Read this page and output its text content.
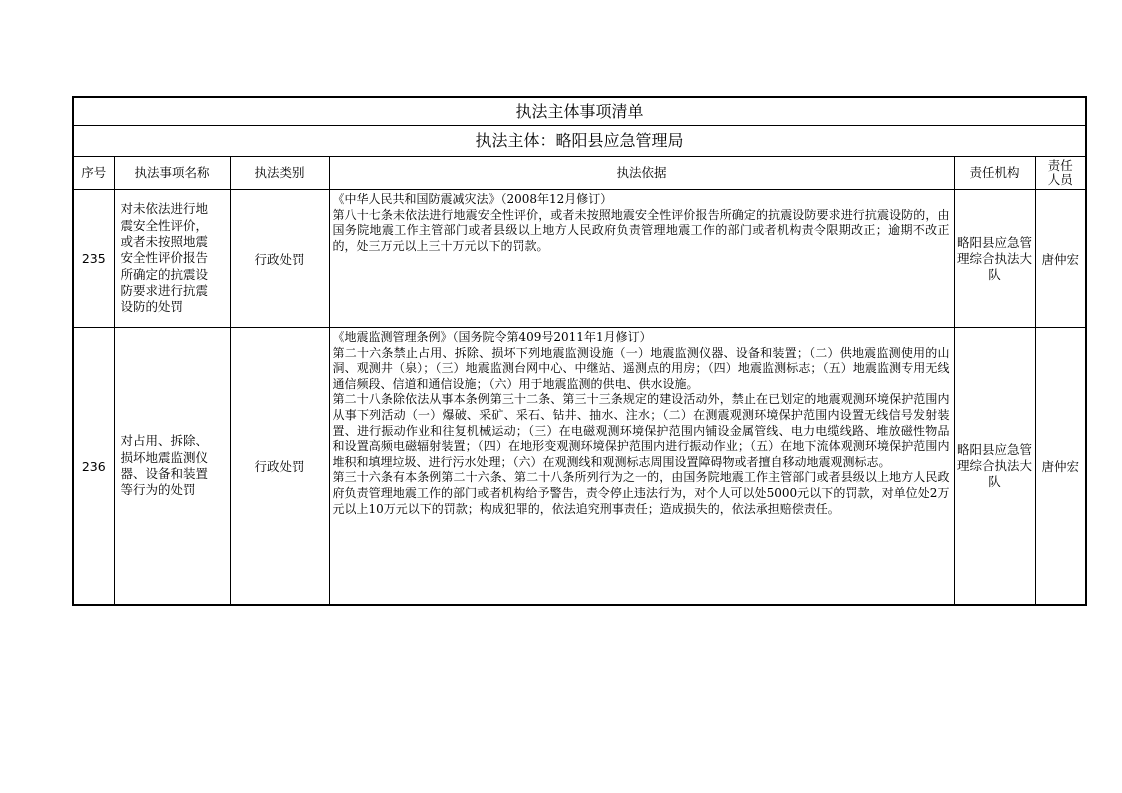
执法主体事项清单					
执法主体：略阳县应急管理局					
序号	执法事项名称	执法类别	执法依据	责任机构	责任人员
235	对未依法进行地震安全性评价，或者未按照地震安全性评价报告所确定的抗震设防要求进行抗震设防的处罚	行政处罚	《中华人民共和国防震减灾法》（2008年12月修订）

第八十七条未依法进行地震安全性评价，或者未按照地震安全性评价报告所确定的抗震设防要求进行抗震设防的，由国务院地震工作主管部门或者县级以上地方人民政府负责管理地震工作的部门或者机构责令限期改正；逾期不改正的，处三万元以上三十万元以下的罚款。	略阳县应急管理综合执法大队	唐仲宏
236	对占用、拆除、损坏地震监测仪器、设备和装置等行为的处罚	行政处罚	《地震监测管理条例》（国务院令第409号2011年1月修订）

第二十六条禁止占用、拆除、损坏下列地震监测设施（一）地震监测仪器、设备和装置；（二）供地震监测使用的山洞、观测井（泉）；（三）地震监测台网中心、中继站、遥测点的用房；（四）地震监测标志；（五）地震监测专用无线通信频段、信道和通信设施；（六）用于地震监测的供电、供水设施。

第二十八条除依法从事本条例第三十二条、第三十三条规定的建设活动外，禁止在已划定的地震观测环境保护范围内从事下列活动（一）爆破、采矿、采石、钻井、抽水、注水；（二）在测震观测环境保护范围内设置无线信号发射装置、进行振动作业和往复机械运动；（三）在电磁观测环境保护范围内铺设金属管线、电力电缆线路、堆放磁性物品和设置高频电磁辐射装置；（四）在地形变观测环境保护范围内进行振动作业；（五）在地下流体观测环境保护范围内堆积和填埋垃圾、进行污水处理；（六）在观测线和观测标志周围设置障碍物或者擅自移动地震观测标志。

第三十六条有本条例第二十六条、第二十八条所列行为之一的，由国务院地震工作主管部门或者县级以上地方人民政府负责管理地震工作的部门或者机构给予警告，责令停止违法行为，对个人可以处5000元以下的罚款，对单位处2万元以上10万元以下的罚款；构成犯罪的，依法追究刑事责任；造成损失的，依法承担赔偿责任。	略阳县应急管理综合执法大队	唐仲宏
